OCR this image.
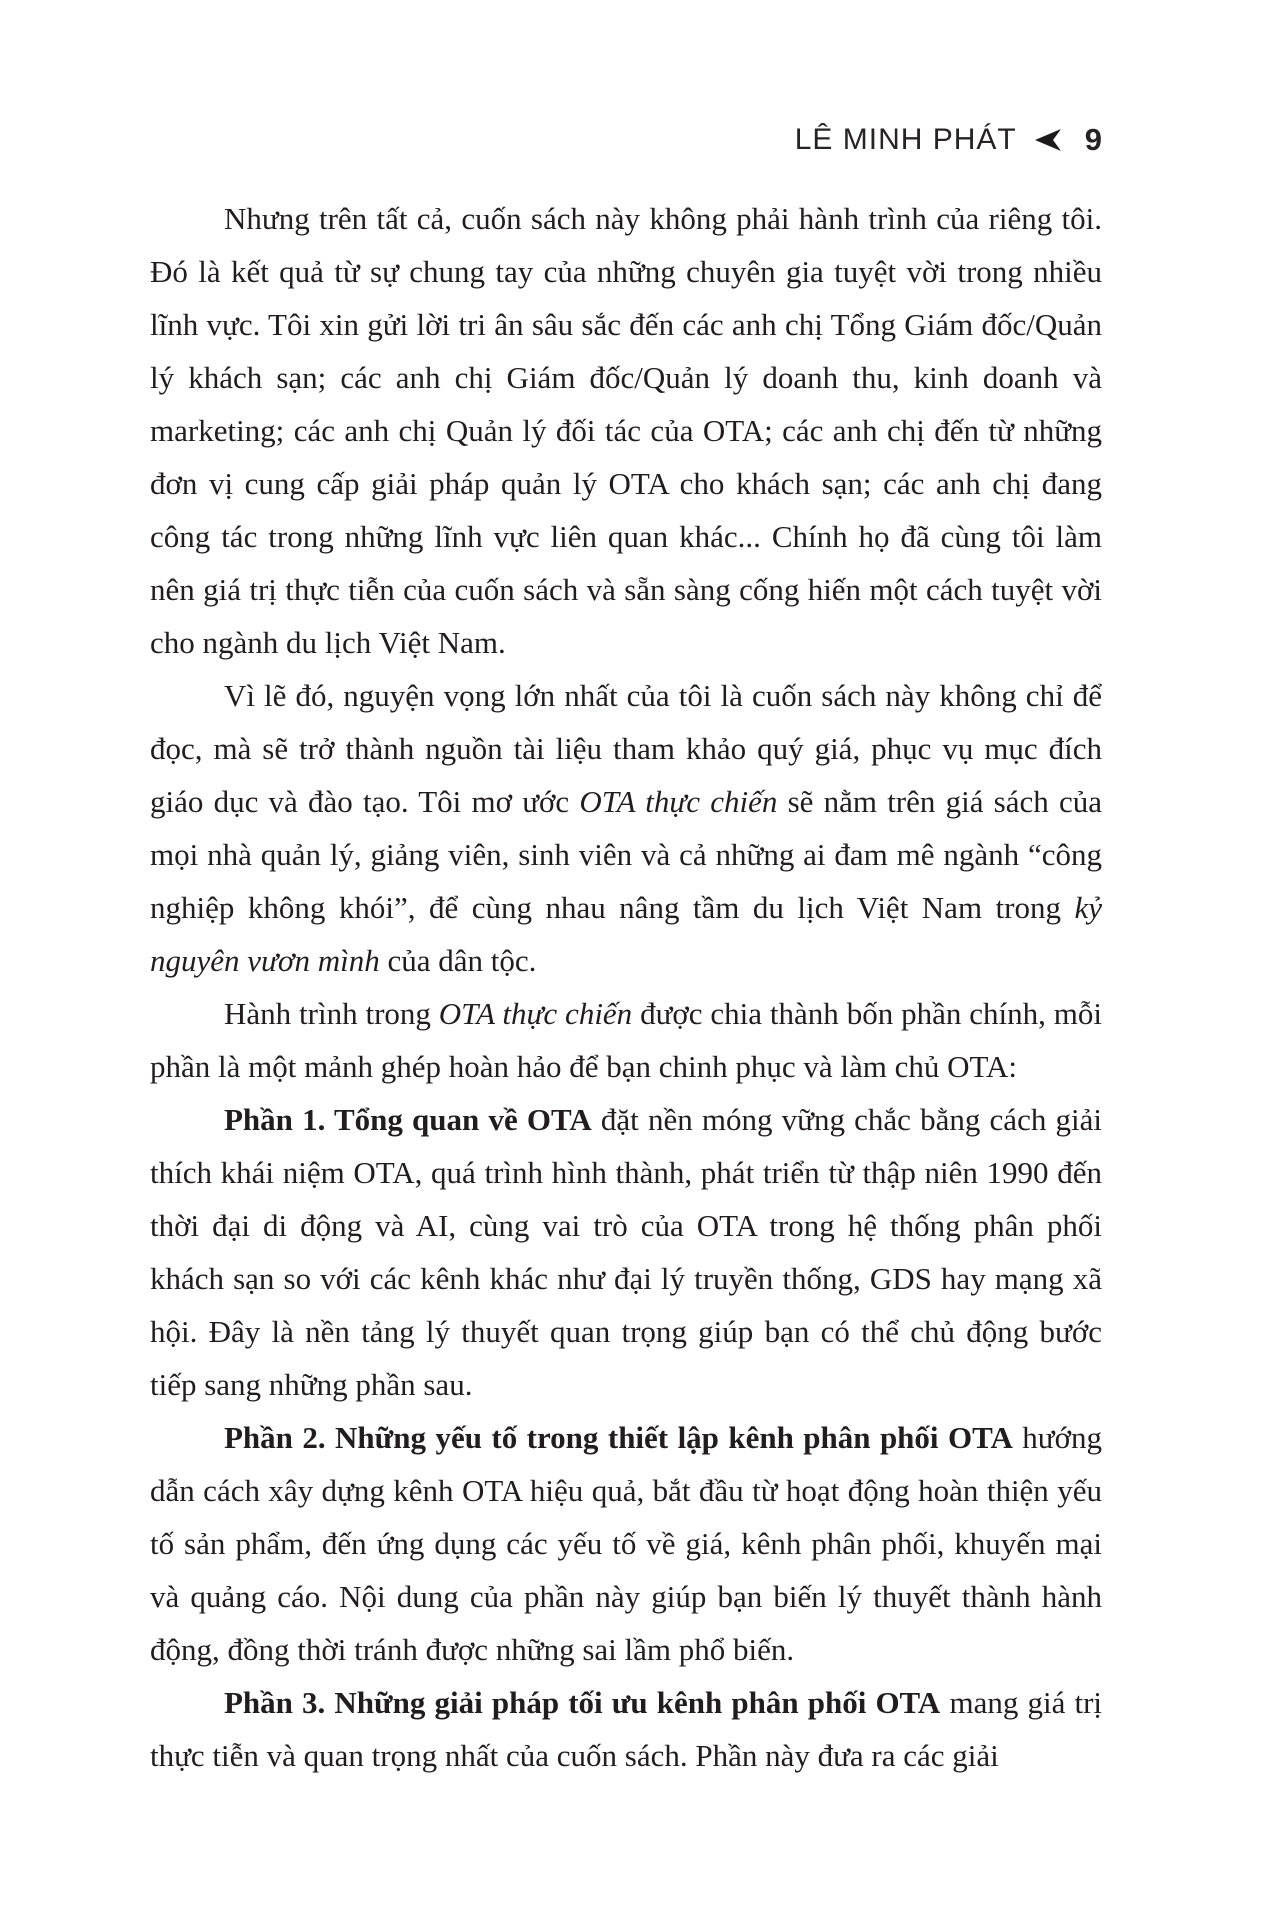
LÊ MINH PHÁT 9

Nhưng trên tất cả, cuốn sách này không phải hành trình của riêng tôi. Đó là kết quả từ sự chung tay của những chuyên gia tuyệt vời trong nhiều lĩnh vực. Tôi xin gửi lời tri ân sâu sắc đến các anh chị Tổng Giám đốc/Quản lý khách sạn; các anh chị Giám đốc/Quản lý doanh thu, kinh doanh và marketing; các anh chị Quản lý đối tác của OTA; các anh chị đến từ những đơn vị cung cấp giải pháp quản lý OTA cho khách sạn; các anh chị đang công tác trong những lĩnh vực liên quan khác... Chính họ đã cùng tôi làm nên giá trị thực tiễn của cuốn sách và sẵn sàng cống hiến một cách tuyệt vời cho ngành du lịch Việt Nam.

Vì lẽ đó, nguyện vọng lớn nhất của tôi là cuốn sách này không chỉ để đọc, mà sẽ trở thành nguồn tài liệu tham khảo quý giá, phục vụ mục đích giáo dục và đào tạo. Tôi mơ ước OTA thực chiến sẽ nằm trên giá sách của mọi nhà quản lý, giảng viên, sinh viên và cả những ai đam mê ngành “công nghiệp không khói”, để cùng nhau nâng tầm du lịch Việt Nam trong kỷ nguyên vươn mình của dân tộc.

Hành trình trong OTA thực chiến được chia thành bốn phần chính, mỗi phần là một mảnh ghép hoàn hảo để bạn chinh phục và làm chủ OTA:

Phần 1. Tổng quan về OTA đặt nền móng vững chắc bằng cách giải thích khái niệm OTA, quá trình hình thành, phát triển từ thập niên 1990 đến thời đại di động và AI, cùng vai trò của OTA trong hệ thống phân phối khách sạn so với các kênh khác như đại lý truyền thống, GDS hay mạng xã hội. Đây là nền tảng lý thuyết quan trọng giúp bạn có thể chủ động bước tiếp sang những phần sau.

Phần 2. Những yếu tố trong thiết lập kênh phân phối OTA hướng dẫn cách xây dựng kênh OTA hiệu quả, bắt đầu từ hoạt động hoàn thiện yếu tố sản phẩm, đến ứng dụng các yếu tố về giá, kênh phân phối, khuyến mại và quảng cáo. Nội dung của phần này giúp bạn biến lý thuyết thành hành động, đồng thời tránh được những sai lầm phổ biến.

Phần 3. Những giải pháp tối ưu kênh phân phối OTA mang giá trị thực tiễn và quan trọng nhất của cuốn sách. Phần này đưa ra các giải
